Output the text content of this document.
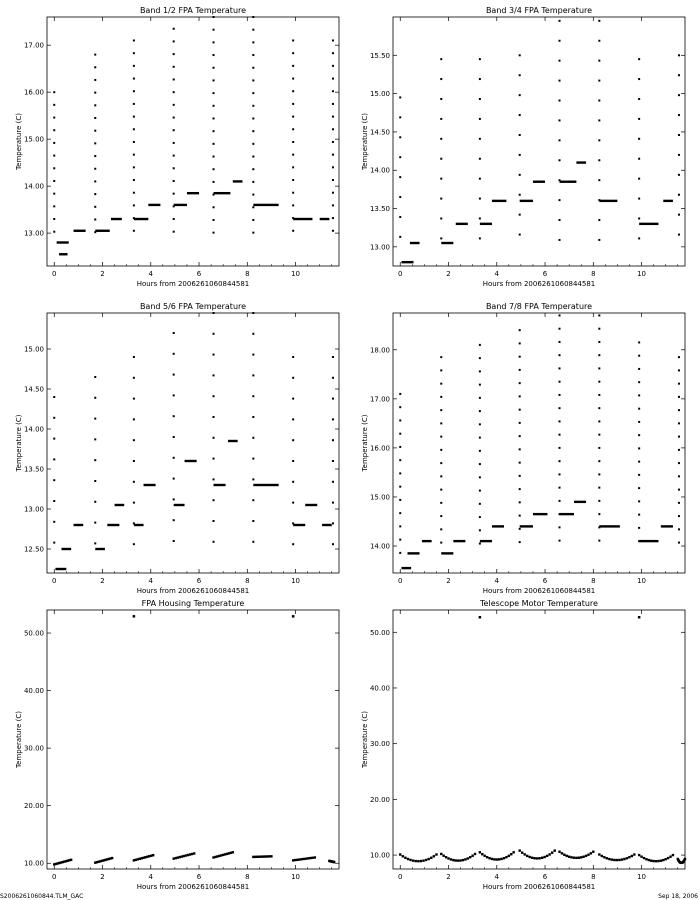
Band 1/2 FPA Temperature
Hours from 2006261060844581
Temperature (C)
0	2	4	6	8	10
13.00
14.00
15.00
16.00
17.00
Band 3/4 FPA Temperature
Hours from 2006261060844581
Temperature (C)
0	2	4	6	8	10
13.00
13.50
14.00
14.50
15.00
15.50
Band 5/6 FPA Temperature
Hours from 2006261060844581
Temperature (C)
0	2	4	6	8	10
12.50
13.00
13.50
14.00
14.50
15.00
Band 7/8 FPA Temperature
Hours from 2006261060844581
Temperature (C)
0	2	4	6	8	10
14.00
15.00
16.00
17.00
18.00
FPA Housing Temperature
Hours from 2006261060844581
Temperature (C)
0	2	4	6	8	10
10.00
20.00
30.00
40.00
50.00
Telescope Motor Temperature
Hours from 2006261060844581
Temperature (C)
0	2	4	6	8	10
10.00
20.00
30.00
40.00
50.00
S2006261060844.TLM_GAC	Sep 18, 2006
